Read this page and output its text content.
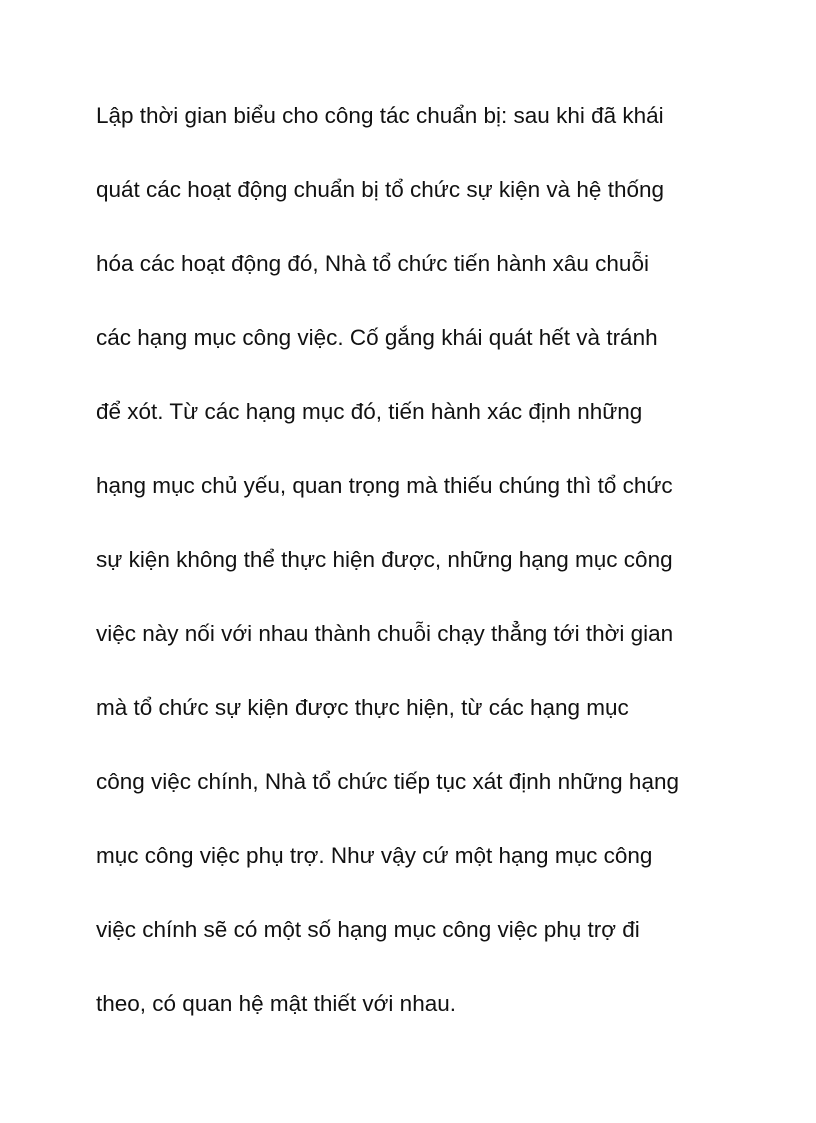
Lập thời gian biểu cho công tác chuẩn bị: sau khi đã khái
quát các hoạt động chuẩn bị tổ chức sự kiện và hệ thống
hóa các hoạt động đó, Nhà tổ chức tiến hành xâu chuỗi
các hạng mục công việc. Cố gắng khái quát hết và tránh
để xót. Từ các hạng mục đó, tiến hành xác định những
hạng mục chủ yếu, quan trọng mà thiếu chúng thì tổ chức
sự kiện không thể thực hiện được, những hạng mục công
việc này nối với nhau thành chuỗi chạy thẳng tới thời gian
mà tổ chức sự kiện được thực hiện, từ các hạng mục
công việc chính, Nhà tổ chức tiếp tục xát định những hạng
mục công việc phụ trợ. Như vậy cứ một hạng mục công
việc chính sẽ có một số hạng mục công việc phụ trợ đi
theo, có quan hệ mật thiết với nhau.
